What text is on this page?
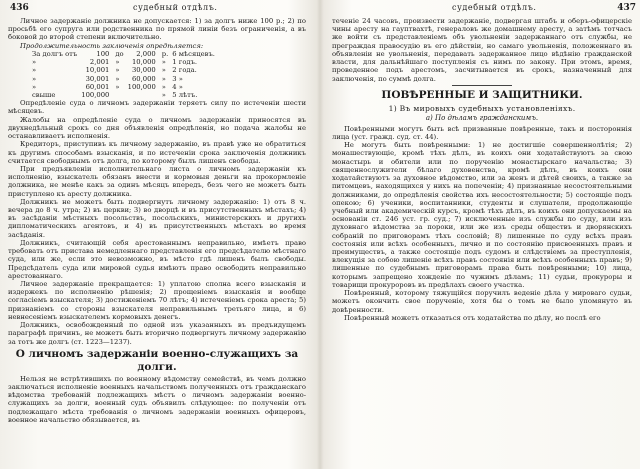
436	судебный отдѣлъ.

Личное задержаніе должника не допускается: 1) за долгъ ниже 100 р.; 2) по просьбѣ его супруга или родственника по прямой линіи безъ ограниченія, а въ боковой до второй степени включительно.

Продолжительность заключенія опредѣляется:

За долгъ отъ	100	до	2,000	р.	6 мѣсяцевъ.
»	2,001	»	10,000	»	1 годъ.
»	10,001	»	30,000	»	2 года.
»	30,001	»	60,000	»	3 »
»	60,001	»	100,000	»	4 »
свыше	100,000			»	5 лѣтъ.

Опредѣленіе суда о личномъ задержаніи теряетъ силу по истеченіи шести мѣсяцевъ.

Жалобы на опредѣленіе суда о личномъ задержаніи приносятся въ двухнедѣльный срокъ со дня объявленія опредѣленія, но подача жалобы не останавливаетъ исполненія.

Кредиторъ, приступивъ къ личному задержанію, въ правѣ уже не обратиться къ другимъ способамъ взысканія, и по истеченіи срока заключенія должникъ считается свободнымъ отъ долга, по которому былъ лишенъ свободы.

При предъявленіи исполнительнаго листа о личномъ задержаніи къ исполненію, взыскатель обязанъ внести и кормовыя деньги на прокормленіе должника, не менѣе какъ за одинъ мѣсяцъ впередъ, безъ чего не можетъ быть приступлено къ аресту должника.

Должникъ не можетъ быть подвергнутъ личному задержанію: 1) отъ 8 ч. вечера до 8 ч. утра; 2) въ церкви; 3) во дворцѣ и въ присутственныхъ мѣстахъ; 4) въ засѣданіи мѣстныхъ посольствъ, посольскихъ, министерскихъ и другихъ дипломатическихъ агентовъ, и 4) въ присутственныхъ мѣстахъ во время засѣданія.

Должникъ, считающій себя арестованнымъ неправильно, имѣетъ право требовать отъ пристава немедленнаго представленія его предсѣдателю мѣстнаго суда, или же, если это невозможно, въ мѣсто гдѣ лишенъ былъ свободы. Предсѣдатель суда или мировой судья имѣютъ право освободить неправильно арестованнаго.

Личное задержаніе прекращается: 1) уплатою сполна всего взысканія и издержекъ по исполненію рѣшенія; 2) прощеніемъ взысканія и вообще согласіемъ взыскателя; 3) достиженіемъ 70 лѣтъ; 4) истеченіемъ срока ареста; 5) признаніемъ со стороны взыскателя неправильнымъ третьяго лица, и 6) невнесеніемъ взыскателемъ кормовыхъ денегъ.

Должникъ, освобожденный по одной изъ указанныхъ въ предъидущемъ параграфѣ причинъ, не можетъ быть вторично подвергнутъ личному задержанію за тотъ же долгъ (ст. 1223—1237).

О личномъ задержаніи военно-служащихъ за долги.

Нельзя не встрѣтившихъ по военному вѣдомству семействѣ, въ чемъ должно заключаться исполненіе военныхъ начальствомъ полученныхъ отъ гражданскаго вѣдомства требованій подлежащихъ мѣстъ о личномъ задержаніи военно-служащихъ за долги, военный судъ объявилъ слѣдующее: по полученіи отъ подлежащаго мѣста требованія о личномъ задержаніи военныхъ офицеровъ, военное начальство обязывается, въ

судебный отдѣлъ.	437

теченіе 24 часовъ, произвести задержаніе, подвергая штабъ и оберъ-офицерскіе чины аресту на гауптвахтѣ, генераловъ же домашнему аресту, а затѣмъ тотчасъ же войти съ представленіемъ объ увольненіи задержаннаго отъ службы, не преграждая правосудію въ его дѣйствіи, но самаго увольненія, положеннаго въ объявленіи не увольненія, передавать задержанное лицо вѣдѣнію гражданской власти, для дальнѣйшаго поступленія съ нимъ по закону. При этомъ, время, проведенное подъ арестомъ, засчитывается въ срокъ, назначенный для заключенія, по суммѣ долга.

ПОВѢРЕННЫЕ И ЗАЩИТНИКИ.
1) Въ мировыхъ судебныхъ установленіяхъ.
а) По дѣламъ гражданскимъ.

Повѣренными могутъ быть всѣ призванные повѣренные, такъ и постороннія лица (уст. гражд. суд. ст. 44).

Не могутъ быть повѣренными: 1) не достигшіе совершеннолѣтія; 2) монашествующіе, кромѣ тѣхъ дѣлъ, въ коихъ они ходатайствуютъ за свою монастырь и обители или по порученію монастырскаго начальства; 3) священнослужители бѣлаго духовенства, кромѣ дѣлъ, въ коихъ они ходатайствуютъ за духовное вѣдомство, или за женъ и дѣтей своихъ, а также за питомцевъ, находящихся у нихъ на попеченіи; 4) признанные несостоятельными должниками, до опредѣленія свойства ихъ несостоятельности; 5) состоящіе подъ опекою; 6) ученики, воспитанники, студенты и слушатели, продолжающіе учебный или академическій курсъ, кромѣ тѣхъ дѣлъ, въ коихъ они допускаемы на основаніи ст. 246 уст. гр. суд.; 7) исключенные изъ службы по суду, или изъ духовнаго вѣдомства за пороки, или же изъ среды обществъ и дворянскихъ собраній по приговорамъ тѣхъ сословій; 8) лишенные по суду всѣхъ правъ состоянія или всѣхъ особенныхъ, лично и по состоянію присвоенныхъ правъ и преимуществъ, а также состоящіе подъ судомъ и слѣдствіемъ за преступленія, влекущія за собою лишеніе всѣхъ правъ состоянія или всѣхъ особенныхъ правъ; 9) лишенные по судебнымъ приговорамъ права быть повѣренными; 10) лица, которымъ запрещено хожденіе по чужимъ дѣламъ; 11) судьи, прокуроры и товарищи прокуроровъ въ предѣлахъ своего участка.

Повѣренный, которому тяжущійся поручилъ веденіе дѣла у мироваго судьи, можетъ окончить свое порученіе, хотя бы о томъ не было упомянуто въ довѣренности.

Повѣренный можетъ отказаться отъ ходатайства по дѣлу, но послѣ его
